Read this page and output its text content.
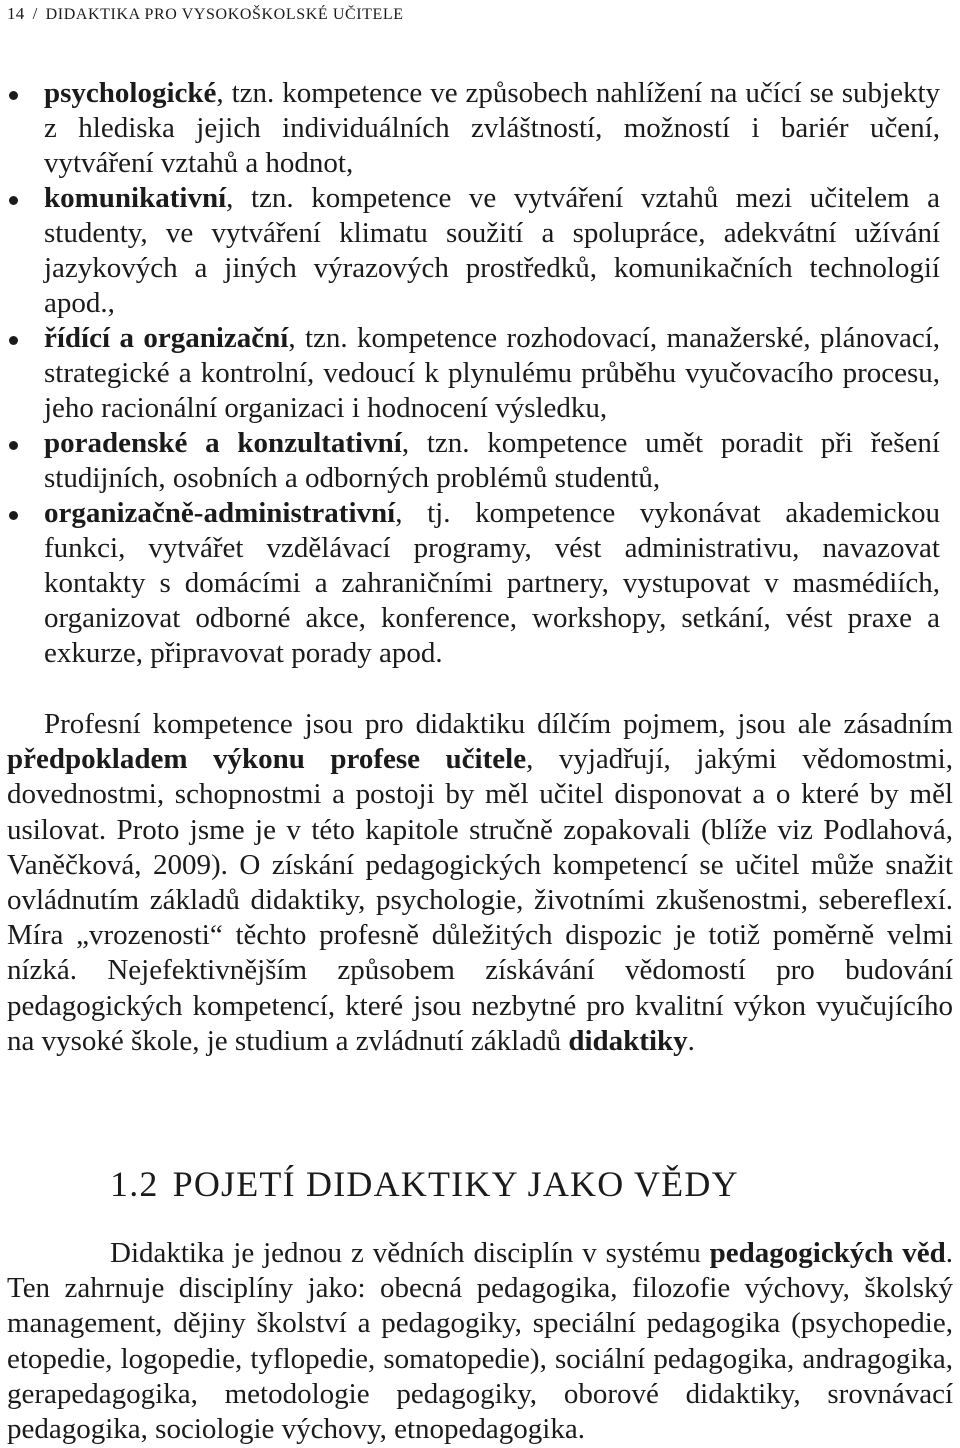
14 / DIDAKTIKA PRO VYSOKOŠKOLSKÉ UČITELE
psychologické, tzn. kompetence ve způsobech nahlížení na učící se subjekty z hlediska jejich individuálních zvláštností, možností i bariér učení, vytváření vztahů a hodnot,
komunikativní, tzn. kompetence ve vytváření vztahů mezi učitelem a studenty, ve vytváření klimatu soužití a spolupráce, adekvátní užívání jazykových a jiných výrazových prostředků, komunikačních technologií apod.,
řídící a organizační, tzn. kompetence rozhodovací, manažerské, plánovací, strategické a kontrolní, vedoucí k plynulému průběhu vyučovacího procesu, jeho racionální organizaci i hodnocení výsledku,
poradenské a konzultativní, tzn. kompetence umět poradit při řešení studijních, osobních a odborných problémů studentů,
organizačně-administrativní, tj. kompetence vykonávat akademickou funkci, vytvářet vzdělávací programy, vést administrativu, navazovat kontakty s domácími a zahraničními partnery, vystupovat v masmédiích, organizovat odborné akce, konference, workshopy, setkání, vést praxe a exkurze, připravovat porady apod.

Profesní kompetence jsou pro didaktiku dílčím pojmem, jsou ale zásadním předpokladem výkonu profese učitele, vyjadřují, jakými vědomostmi, dovednostmi, schopnostmi a postoji by měl učitel disponovat a o které by měl usilovat. Proto jsme je v této kapitole stručně zopakovali (blíže viz Podlahová, Vaněčková, 2009). O získání pedagogických kompetencí se učitel může snažit ovládnutím základů didaktiky, psychologie, životními zkušenostmi, sebereflexí. Míra „vrozenosti“ těchto profesně důležitých dispozic je totiž poměrně velmi nízká. Nejefektivnějším způsobem získávání vědomostí pro budování pedagogických kompetencí, které jsou nezbytné pro kvalitní výkon vyučujícího na vysoké škole, je studium a zvládnutí základů didaktiky.

1.2 POJETÍ DIDAKTIKY JAKO VĚDY

Didaktika je jednou z vědních disciplín v systému pedagogických věd. Ten zahrnuje disciplíny jako: obecná pedagogika, filozofie výchovy, školský management, dějiny školství a pedagogiky, speciální pedagogika (psychopedie, etopedie, logopedie, tyflopedie, somatopedie), sociální pedagogika, andragogika, gerapedagogika, metodologie pedagogiky, oborové didaktiky, srovnávací pedagogika, sociologie výchovy, etnopedagogika.
